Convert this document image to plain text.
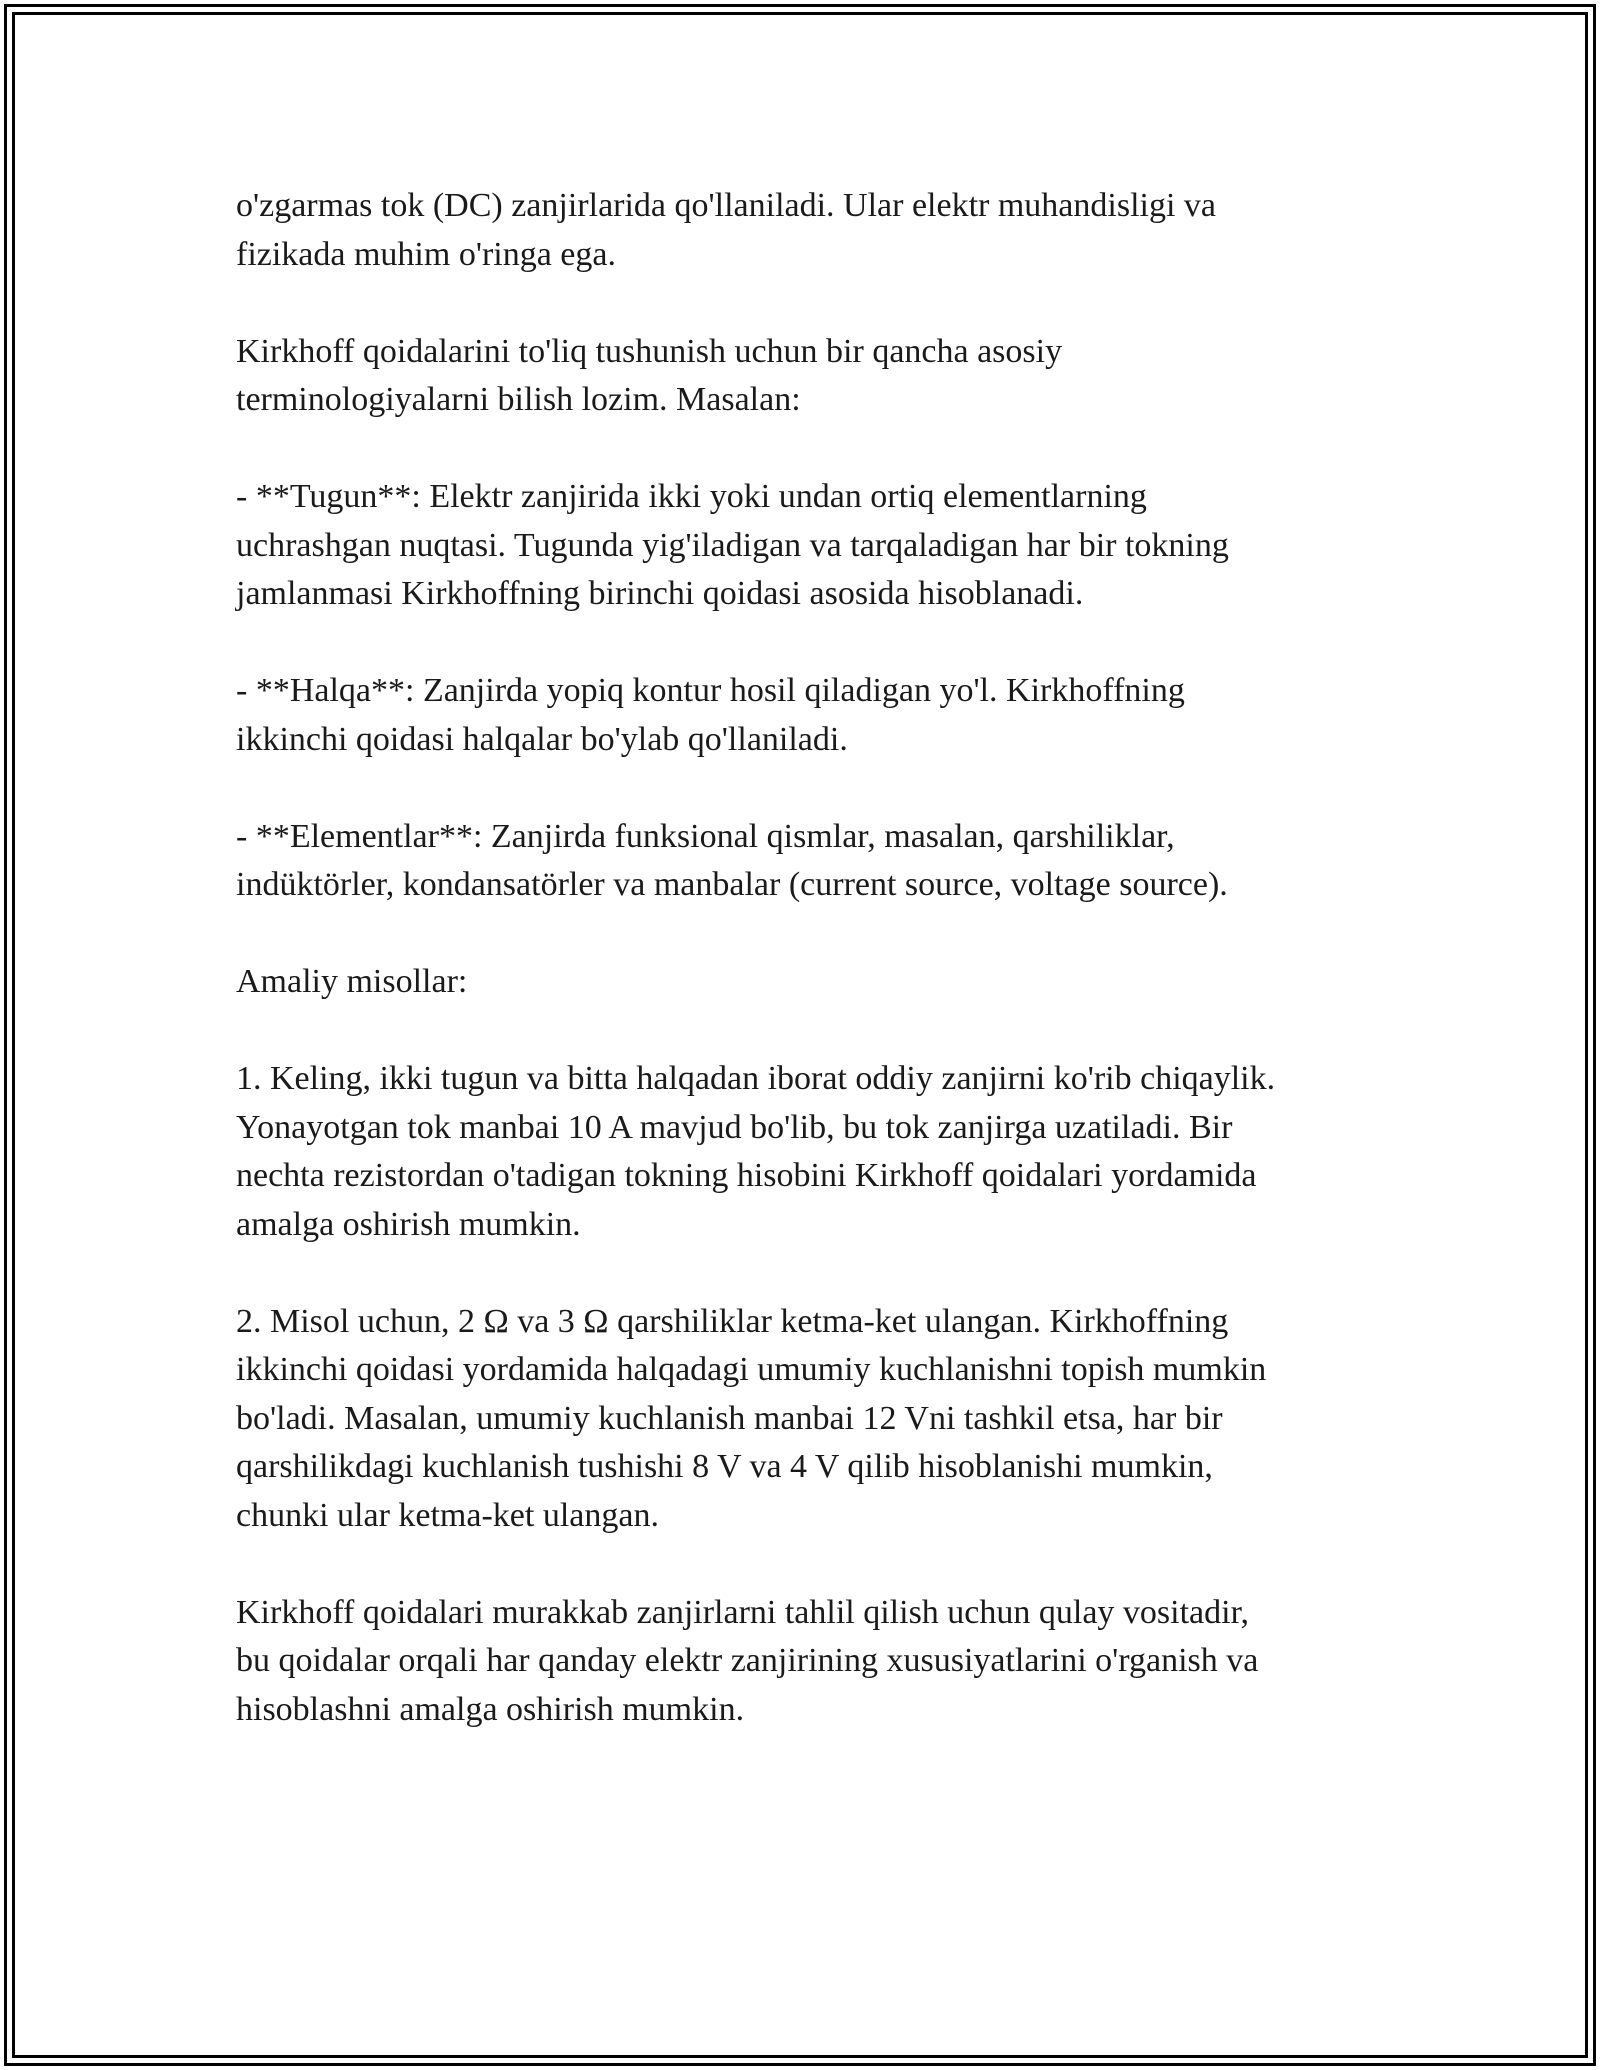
o'zgarmas tok (DC) zanjirlarida qo'llaniladi. Ular elektr muhandisligi va
fizikada muhim o'ringa ega.

Kirkhoff qoidalarini to'liq tushunish uchun bir qancha asosiy
terminologiyalarni bilish lozim. Masalan:

- **Tugun**: Elektr zanjirida ikki yoki undan ortiq elementlarning
uchrashgan nuqtasi. Tugunda yig'iladigan va tarqaladigan har bir tokning
jamlanmasi Kirkhoffning birinchi qoidasi asosida hisoblanadi.

- **Halqa**: Zanjirda yopiq kontur hosil qiladigan yo'l. Kirkhoffning
ikkinchi qoidasi halqalar bo'ylab qo'llaniladi.

- **Elementlar**: Zanjirda funksional qismlar, masalan, qarshiliklar,
indüktörler, kondansatörler va manbalar (current source, voltage source).

Amaliy misollar:

1. Keling, ikki tugun va bitta halqadan iborat oddiy zanjirni ko'rib chiqaylik.
Yonayotgan tok manbai 10 A mavjud bo'lib, bu tok zanjirga uzatiladi. Bir
nechta rezistordan o'tadigan tokning hisobini Kirkhoff qoidalari yordamida
amalga oshirish mumkin.

2. Misol uchun, 2 Ω va 3 Ω qarshiliklar ketma-ket ulangan. Kirkhoffning
ikkinchi qoidasi yordamida halqadagi umumiy kuchlanishni topish mumkin
bo'ladi. Masalan, umumiy kuchlanish manbai 12 Vni tashkil etsa, har bir
qarshilikdagi kuchlanish tushishi 8 V va 4 V qilib hisoblanishi mumkin,
chunki ular ketma-ket ulangan.

Kirkhoff qoidalari murakkab zanjirlarni tahlil qilish uchun qulay vositadir,
bu qoidalar orqali har qanday elektr zanjirining xususiyatlarini o'rganish va
hisoblashni amalga oshirish mumkin.
